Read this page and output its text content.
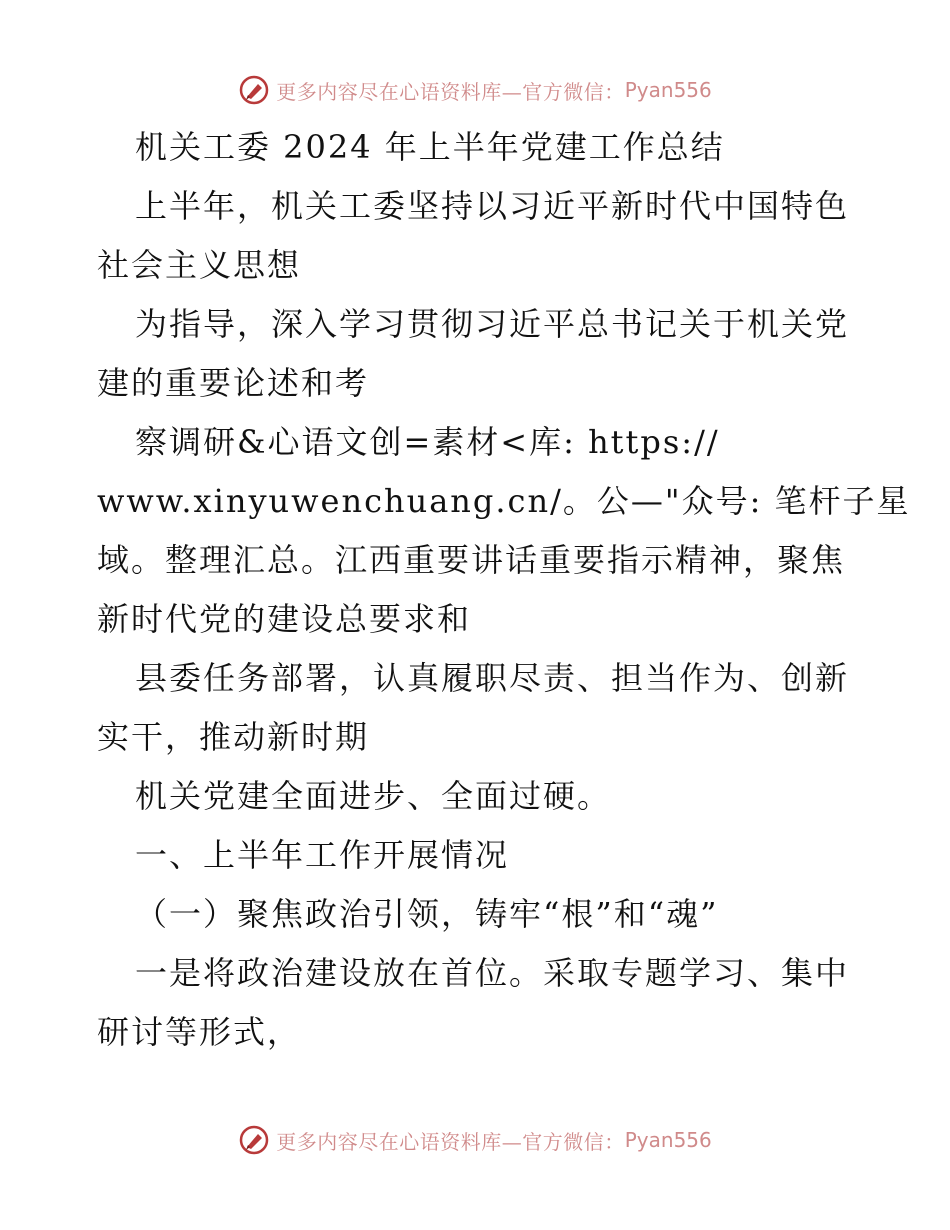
更多内容尽在心语资料库—官方微信： Pyan556
机关工委 2024 年上半年党建工作总结
上半年，机关工委坚持以习近平新时代中国特色
社会主义思想
为指导，深入学习贯彻习近平总书记关于机关党
建的重要论述和考
察调研&心语文创=素材<库: https://
www.xinyuwenchuang.cn/。公—"众号: 笔杆子星
域。整理汇总。江西重要讲话重要指示精神，聚焦
新时代党的建设总要求和
县委任务部署，认真履职尽责、担当作为、创新
实干，推动新时期
机关党建全面进步、全面过硬。
一、上半年工作开展情况
（一）聚焦政治引领，铸牢“根”和“魂”
一是将政治建设放在首位。采取专题学习、集中
研讨等形式，
更多内容尽在心语资料库—官方微信： Pyan556
